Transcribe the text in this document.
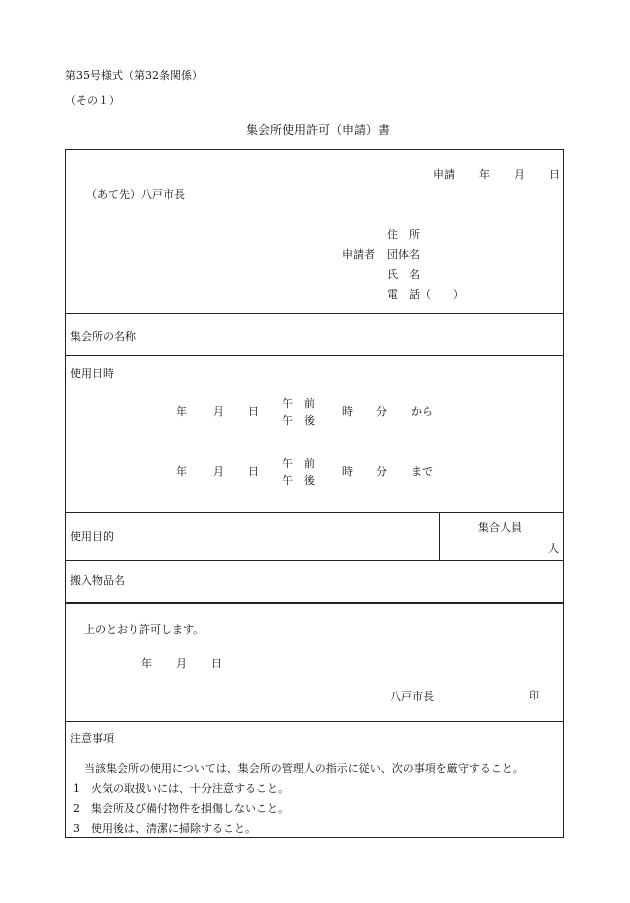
第35号様式（第32条関係）
（その１）
集会所使用許可（申請）書
申請 年 月 日
（あて先）八戸市長
申請者
住　所
団体名
氏　名
電　話（　　）
集会所の名称
使用日時
年 月 日
午　前
午　後
時 分 から
年 月 日
午　前
午　後
時 分 まで
使用目的
集合人員
人
搬入物品名
上のとおり許可します。
年 月 日
八戸市長	印
注意事項
当該集会所の使用については、集会所の管理人の指示に従い、次の事項を厳守すること。
1 火気の取扱いには、十分注意すること。
2 集会所及び備付物件を損傷しないこと。
3 使用後は、清潔に掃除すること。
